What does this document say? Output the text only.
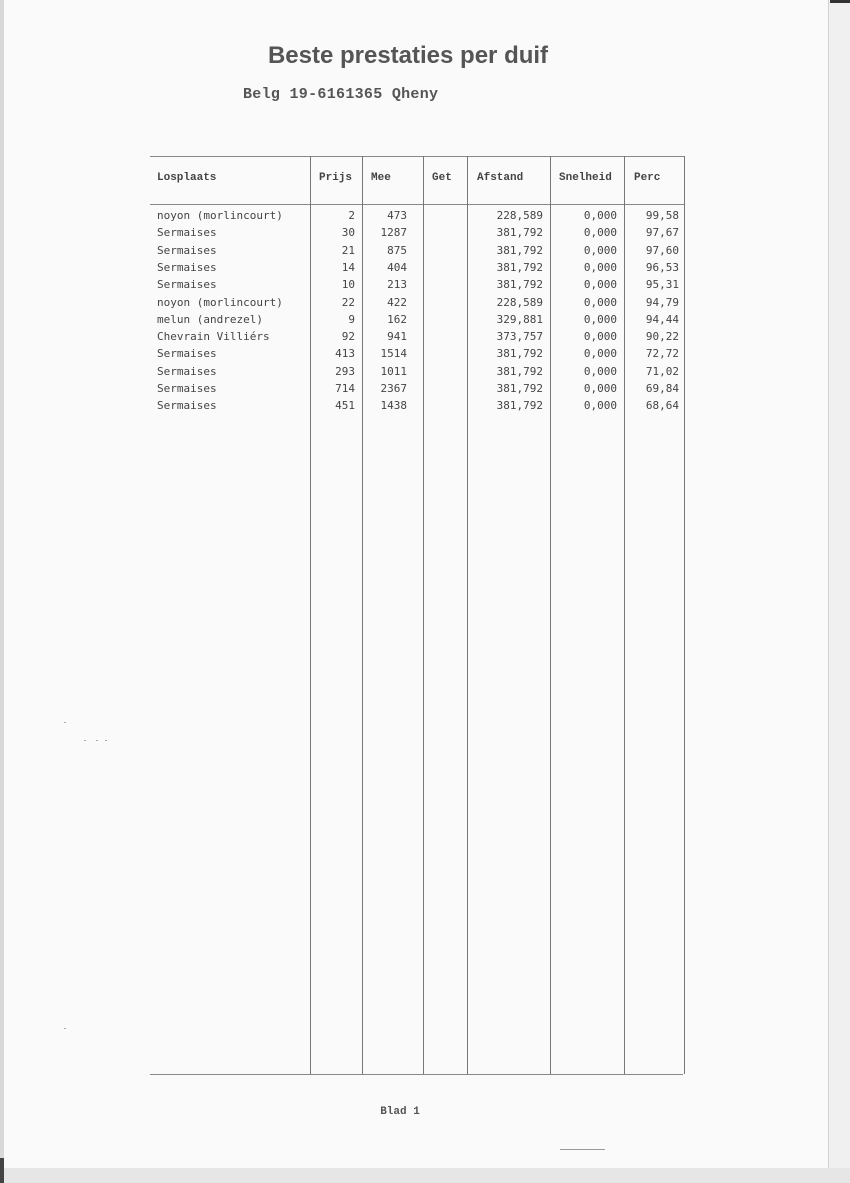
Beste prestaties per duif
Belg 19-6161365 Qheny
Losplaats	Prijs Mee	Get Afstand	Snelheid Perc
noyon (morlincourt)	2	473	228,589	0,000	99,58
Sermaises	30	1287	381,792	0,000	97,67
Sermaises	21	875	381,792	0,000	97,60
Sermaises	14	404	381,792	0,000	96,53
Sermaises	10	213	381,792	0,000	95,31
noyon (morlincourt)	22	422	228,589	0,000	94,79
melun (andrezel)	9	162	329,881	0,000	94,44
Chevrain Villiérs	92	941	373,757	0,000	90,22
Sermaises	413	1514	381,792	0,000	72,72
Sermaises	293	1011	381,792	0,000	71,02
Sermaises	714	2367	381,792	0,000	69,84
Sermaises	451	1438	381,792	0,000	68,64
Blad 1
